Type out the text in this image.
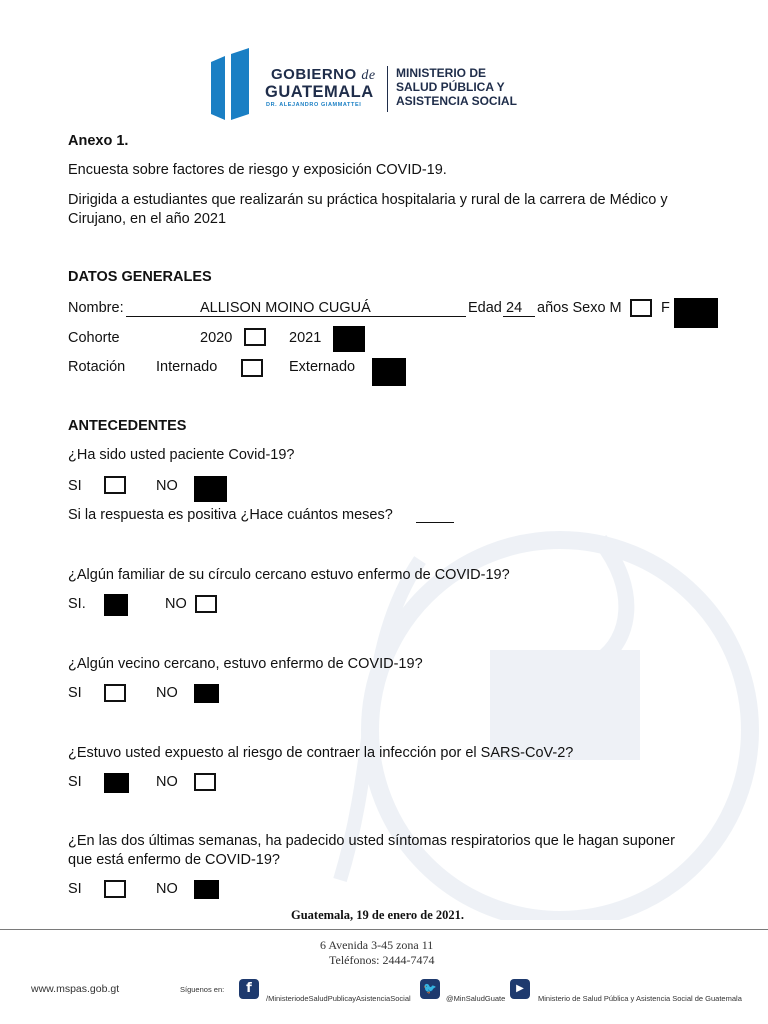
GOBIERNO de
GUATEMALA
DR. ALEJANDRO GIAMMATTEI
MINISTERIO DE
SALUD PÚBLICA Y
ASISTENCIA SOCIAL
Anexo 1.
Encuesta sobre factores de riesgo y exposición COVID-19.
Dirigida a estudiantes que realizarán su práctica hospitalaria y rural de la carrera de Médico y
Cirujano, en el año 2021
DATOS GENERALES
Nombre:	ALLISON MOINO CUGUÁ	Edad 24 años Sexo M	F
Cohorte	2020	2021
Rotación Internado	Externado
ANTECEDENTES
¿Ha sido usted paciente Covid-19?
SI	NO
Si la respuesta es positiva ¿Hace cuántos meses?
¿Algún familiar de su círculo cercano estuvo enfermo de COVID-19?
SI.	NO
¿Algún vecino cercano, estuvo enfermo de COVID-19?
SI	NO
¿Estuvo usted expuesto al riesgo de contraer la infección por el SARS-CoV-2?
SI	NO
¿En las dos últimas semanas, ha padecido usted síntomas respiratorios que le hagan suponer
que está enfermo de COVID-19?
SI	NO
Guatemala, 19 de enero de 2021.
6 Avenida 3-45 zona 11
Teléfonos: 2444-7474
www.mspas.gob.gt	Síguenos en:	f
/MinisteriodeSaludPublicayAsistenciaSocial
🐦
@MinSaludGuate
▶
Ministerio de Salud Pública y Asistencia Social de Guatemala
